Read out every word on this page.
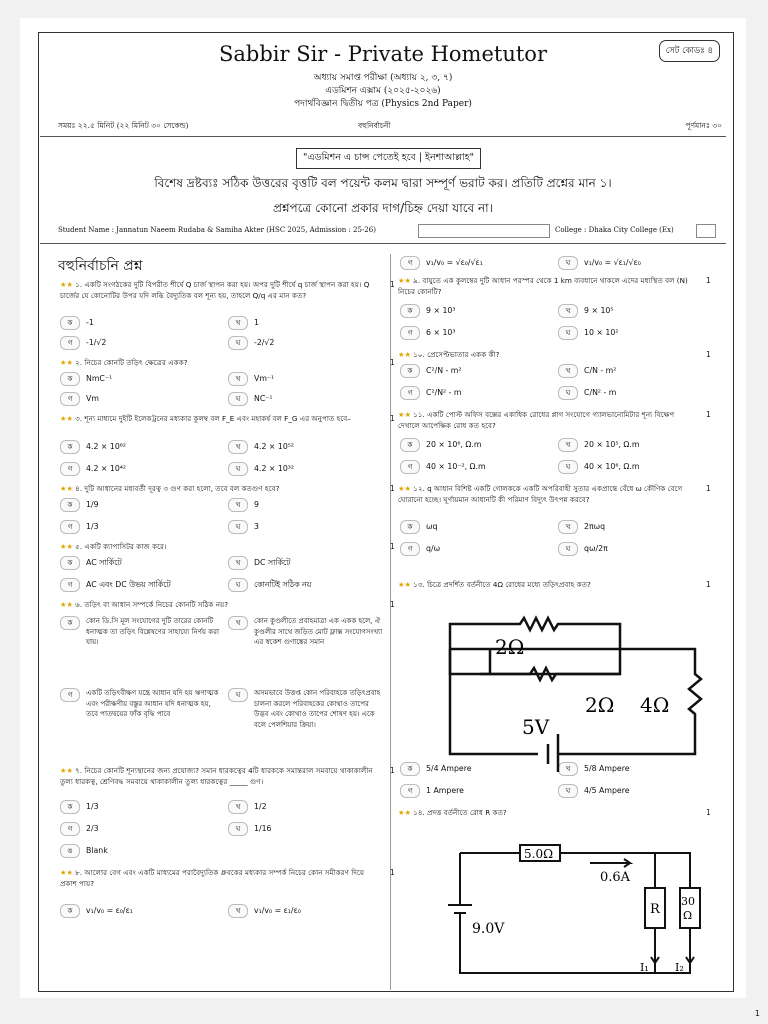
Sabbir Sir - Private Hometutor	সেট কোডঃ ৪
অধ্যায় সমাপ্ত পরীক্ষা (অধ্যায় ২, ৩, ৭)
এডমিশন এক্সাম (২০২৫-২০২৬)
পদার্থবিজ্ঞান দ্বিতীয় পত্র (Physics 2nd Paper)
সময়ঃ ২২.৫ মিনিট (২২ মিনিট ৩০ সেকেন্ড)	বহুনির্বাচনী	পূর্ণমানঃ ৩০
"এডমিশন এ চান্স পেতেই হবে | ইনশাআল্লাহ"
বিশেষ দ্রষ্টব্যঃ সঠিক উত্তরের বৃত্তটি বল পয়েন্ট কলম দ্বারা সম্পূর্ণ ভরাট কর। প্রতিটি প্রশ্নের মান ১।
প্রশ্নপত্রে কোনো প্রকার দাগ/চিহ্ন দেয়া যাবে না।
Student Name : Jannatun Naeem Rudaba & Samiha Akter (HSC 2025, Admission : 25-26)	College : Dhaka City College (Ex)
বহুনির্বাচনি প্রশ্ন
★★ ১. একটি সংগঠকের দুটি বিপরীত শীর্ষে Q চার্জ স্থাপন করা হয়। অপর দুটি শীর্ষে q চার্জ স্থাপন করা হয়। Q চার্জের যে কোনোটির উপর যদি লব্ধি বৈদ্যুতিক বল শূন্য হয়, তাহলে Q/q এর মান কত?
1
ক -1	খ 1
গ -1/√2	ঘ -2/√2
★★ ২. নিচের কোনটি তড়িৎ ক্ষেত্রের একক?	1
ক NmC⁻¹	খ Vm⁻¹
গ Vm	ঘ NC⁻¹
★★ ৩. শূন্য মাধ্যমে দুইটি ইলেকট্রনের মধ্যকার কুলম্ব বল F_E এবং মহাকর্ষ বল F_G এর অনুপাত হবে–	1
ক 4.2 × 10⁶²	খ 4.2 × 10⁵²
গ 4.2 × 10⁴²	ঘ 4.2 × 10³²
★★ ৪. দুটি আধানের মধ্যবর্তী দূরত্ব ৩ গুণ করা হলো, তবে বল কতগুণ হবে?	1
ক 1/9	খ 9
গ 1/3	ঘ 3
★★ ৫. একটি ক্যাপাসিটর কাজ করে।	1
ক AC সার্কিটে	খ DC সার্কিটে
গ AC এবং DC উভয় সার্কিটে	ঘ কোনটিই সঠিক নয়
★★ ৬. তড়িৎ বা আধান সম্পর্কে নিচের কোনটি সঠিক নয়?	1
ক কোন ডি.সি মূল সংযোগের দুটি তারের কোনটি ধনাত্মক তা তড়িৎ বিশ্লেষণের সাহায্যে নির্ণয় করা যায়।
খ কোন কুণ্ডলীতে প্রবাহমাত্রা এক একক হলে, ঐ কুণ্ডলীর সাথে জড়িত মোট ফ্লাক্স সংযোগসংখ্যা এর স্বকেশ গুণাঙ্কের সমান
গ একটি তড়িৎবীক্ষণ যন্ত্রে আধান যদি হয় ঋণাত্মক এবং পরীক্ষণীয় বস্তুর আধান যদি ধনাত্মক হয়, তবে পাতদ্বয়ের ফাঁক বৃদ্ধি পাবে
ঘ অসমভাবে উত্তপ্ত কোন পরিবাহকে তড়িৎপ্রবাহ চালনা করলে পরিবাহকের কোথাও তাপের উদ্ভব এবং কোথাও তাপের শোষণ হয়। একে বলে পেলশিয়ার ক্রিয়া।
★★ ৭. নিচের কোনটি শূন্যস্থানের জন্য প্রযোজ্য? সমান ধারকত্বের 4টি ধারককে সমান্তরাল সমবায়ে থাকাকালীন তুল্য ধারকত্ব, শ্রেণিবদ্ধ সমবায়ে থাকাকালীন তুল্য ধারকত্বের _____ গুণ।
1
ক 1/3	খ 1/2
গ 2/3	ঘ 1/16
ঙ Blank
★★ ৮. আলোর বেগ এবং একটি মাধ্যমের পরাবৈদ্যুতিক ধ্রুবকের মধ্যকার সম্পর্ক নিচের কোন সমীকরণ দিয়ে প্রকাশ পায়?
1
ক v₁/v₀ = ε₀/ε₁	খ v₁/v₀ = ε₁/ε₀
গ v₁/v₀ = √ε₀/√ε₁	ঘ v₁/v₀ = √ε₁/√ε₀
★★ ৯. বাযুতে এক কুলম্বের দুটি আধান পরস্পর থেকে 1 km ব্যবধানে থাকলে এদের মধ্যস্থিত বল (N) নিচের কোনটি?
1
ক 9 × 10³	খ 9 × 10⁵
গ 6 × 10³	ঘ 10 × 10²
★★ ১০. প্রেসেপ্টভাতার একক কী?	1
ক C²/N - m²	খ C/N - m²
গ C²/N² - m	ঘ C/N² - m
★★ ১১. একটি পোস্ট অফিস বক্সের একাধিক রোধের প্লাগ সংযোগে গ্যালভানোমিটার শূন্য বিক্ষেপ দেখালে আপেক্ষিক রোধ কত হবে?
1
ক 20 × 10⁶, Ω.m	খ 20 × 10⁵, Ω.m
গ 40 × 10⁻², Ω.m	ঘ 40 × 10⁶, Ω.m
★★ ১২. q আধান বিশিষ্ট একটি গোলককে একটি অপরিবাহী সুতার একপ্রান্তে বেঁধে ω কৌণিক বেগে ঘোরানো হচ্ছে। ঘূর্ণায়মান আধানটি কী পরিমাণ বিদ্যুৎ উৎপন্ন করবে?
1
ক ωq	খ 2πωq
গ q/ω	ঘ qω/2π
★★ ১৩. চিত্রে প্রদর্শিত বর্তনীতে 4Ω রোধের মধ্যে তড়িৎপ্রবাহ কত?	1
ক 5/4 Ampere	খ 5/8 Ampere
গ 1 Ampere	ঘ 4/5 Ampere
★★ ১৪. প্রদত্ত বর্তনীতে রোধ R কত?	1
2Ω
2Ω 4Ω
5V
5.0Ω
0.6A
9.0V
R
30
Ω
I₁ I₂
1
